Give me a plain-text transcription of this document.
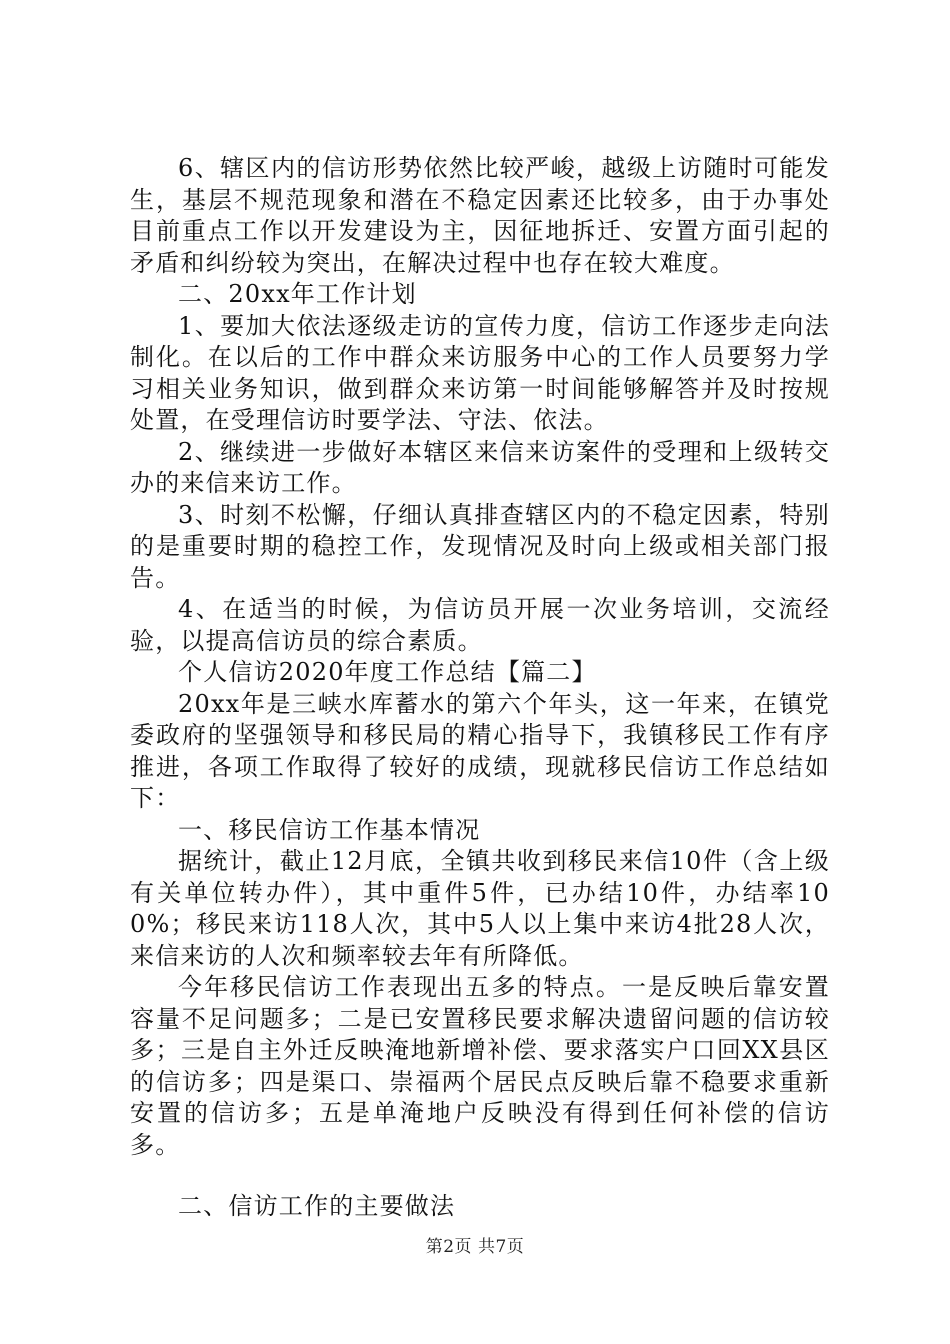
6、辖区内的信访形势依然比较严峻，越级上访随时可能发生，基层不规范现象和潜在不稳定因素还比较多，由于办事处目前重点工作以开发建设为主，因征地拆迁、安置方面引起的矛盾和纠纷较为突出，在解决过程中也存在较大难度。

二、20xx年工作计划

1、要加大依法逐级走访的宣传力度，信访工作逐步走向法制化。在以后的工作中群众来访服务中心的工作人员要努力学习相关业务知识，做到群众来访第一时间能够解答并及时按规处置，在受理信访时要学法、守法、依法。

2、继续进一步做好本辖区来信来访案件的受理和上级转交办的来信来访工作。

3、时刻不松懈，仔细认真排查辖区内的不稳定因素，特别的是重要时期的稳控工作，发现情况及时向上级或相关部门报告。

4、在适当的时候，为信访员开展一次业务培训，交流经验，以提高信访员的综合素质。

个人信访2020年度工作总结【篇二】

20xx年是三峡水库蓄水的第六个年头，这一年来，在镇党委政府的坚强领导和移民局的精心指导下，我镇移民工作有序推进，各项工作取得了较好的成绩，现就移民信访工作总结如下：

一、移民信访工作基本情况

据统计，截止12月底，全镇共收到移民来信10件（含上级有关单位转办件），其中重件5件，已办结10件，办结率100%；移民来访118人次，其中5人以上集中来访4批28人次，来信来访的人次和频率较去年有所降低。

今年移民信访工作表现出五多的特点。一是反映后靠安置容量不足问题多；二是已安置移民要求解决遗留问题的信访较多；三是自主外迁反映淹地新增补偿、要求落实户口回XX县区的信访多；四是渠口、崇福两个居民点反映后靠不稳要求重新安置的信访多；五是单淹地户反映没有得到任何补偿的信访多。

二、信访工作的主要做法

第2页 共7页
